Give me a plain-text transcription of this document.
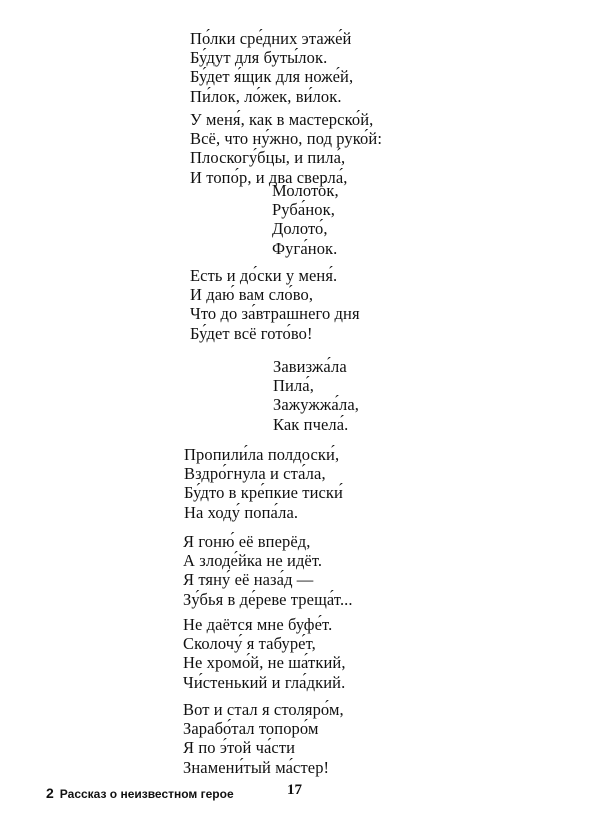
По́лки сре́дних этаже́й
Бу́дут для буты́лок.
Бу́дет я́щик для ноже́й,
Пи́лок, ло́жек, ви́лок.
У меня́, как в мастерско́й,
Всё, что ну́жно, под руко́й:
Плоскогу́бцы, и пила́,
И топо́р, и два сверла́,
Молото́к,
Руба́нок,
Долото́,
Фуга́нок.
Есть и до́ски у меня́.
И даю́ вам сло́во,
Что до за́втрашнего дня
Бу́дет всё гото́во!
Завизжа́ла
Пила́,
Зажужжа́ла,
Как пчела́.
Пропили́ла полдоски́,
Вздро́гнула и ста́ла,
Бу́дто в кре́пкие тиски́
На ходу́ попа́ла.
Я гоню́ её вперёд,
А злоде́йка не идёт.
Я тяну́ её наза́д —
Зу́бья в де́реве треща́т...
Не даётся мне буфе́т.
Сколочу́ я табуре́т,
Не хромо́й, не ша́ткий,
Чи́стенький и гла́дкий.
Вот и стал я столяро́м,
Зарабо́тал топоро́м
Я по э́той ча́сти
Знамени́тый ма́стер!
2 Рассказ о неизвестном герое	17
